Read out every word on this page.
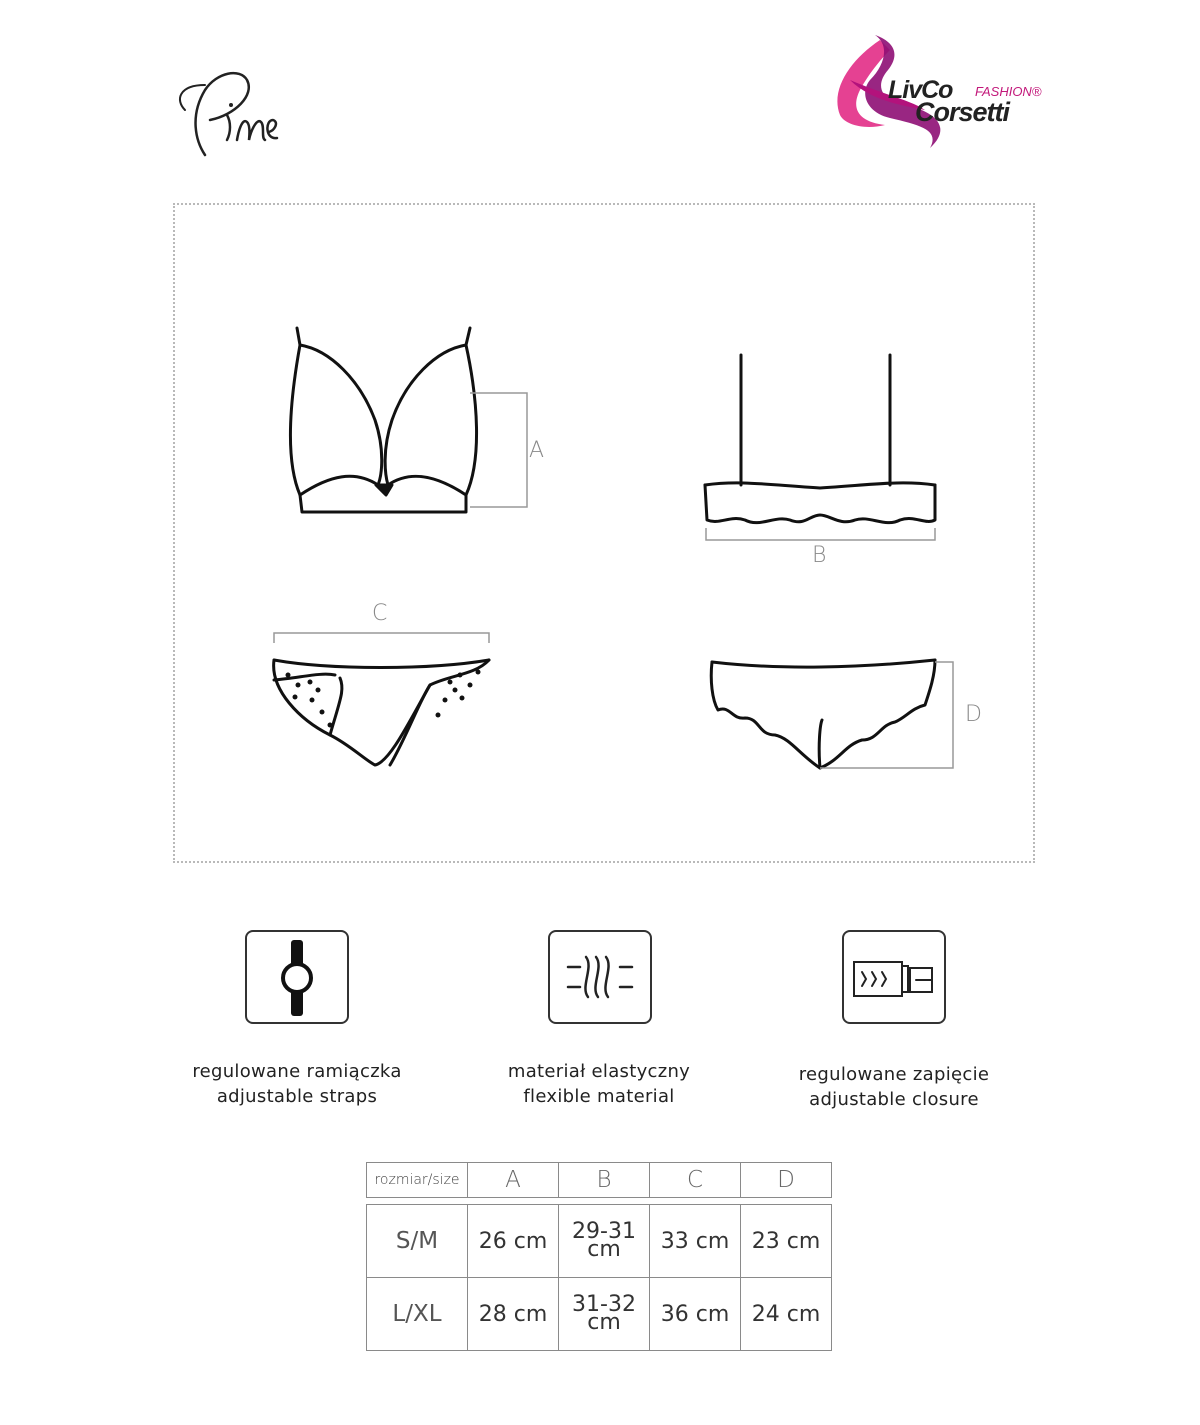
LivCo FASHION®
Corsetti
A
B
C
D
regulowane ramiączka
adjustable straps
materiał elastyczny
flexible material
regulowane zapięcie
adjustable closure
rozmiar/size	A	B	C	D

S/M	26 cm	29-31 cm	33 cm	23 cm
L/XL	28 cm	31-32 cm	36 cm	24 cm
